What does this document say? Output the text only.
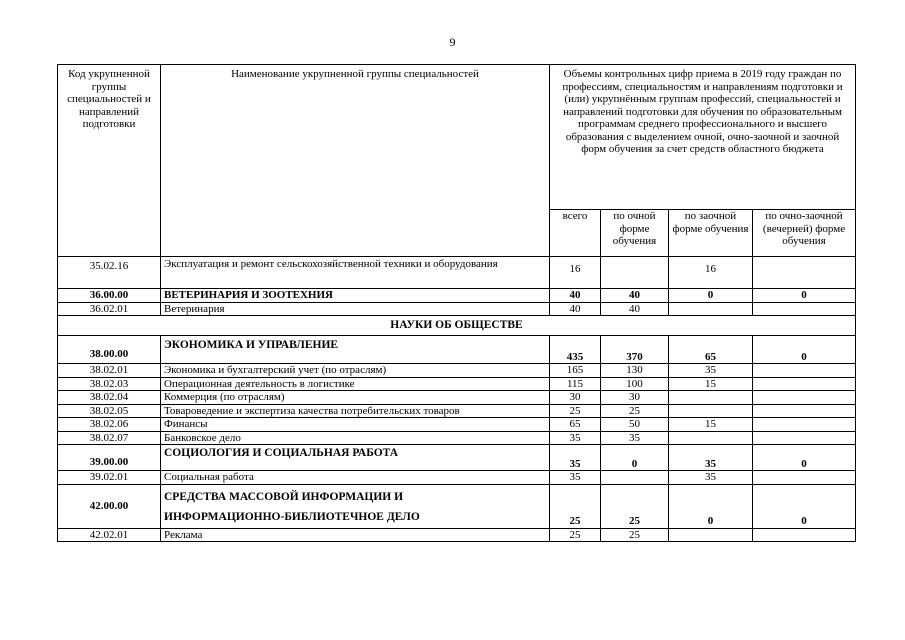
9
Код укрупненной группы специальностей и направлений подготовки	Наименование укрупненной группы специальностей	Объемы контрольных цифр приема в 2019 году граждан по профессиям, специальностям и направлениям подготовки и (или) укрупнённым группам профессий, специальностей и направлений подготовки для обучения по образовательным программам среднего профессионального и высшего образования с выделением очной, очно-заочной и заочной форм обучения за счет средств областного бюджета			
		всего	по очной форме обучения	по заочной форме обучения	по очно-заочной (вечерней) форме обучения
35.02.16	Эксплуатация и ремонт сельскохозяйственной техники и оборудования	16		16	
36.00.00	ВЕТЕРИНАРИЯ И ЗООТЕХНИЯ	40	40	0	0
36.02.01	Ветеринария	40	40		
НАУКИ ОБ ОБЩЕСТВЕ					
38.00.00	ЭКОНОМИКА И УПРАВЛЕНИЕ	435	370	65	0
38.02.01	Экономика и бухгалтерский учет (по отраслям)	165	130	35	
38.02.03	Операционная деятельность в логистике	115	100	15	
38.02.04	Коммерция (по отраслям)	30	30		
38.02.05	Товароведение и экспертиза качества потребительских товаров	25	25		
38.02.06	Финансы	65	50	15	
38.02.07	Банковское дело	35	35		
39.00.00	СОЦИОЛОГИЯ И СОЦИАЛЬНАЯ РАБОТА	35	0	35	0
39.02.01	Социальная работа	35		35	
42.00.00	СРЕДСТВА МАССОВОЙ ИНФОРМАЦИИ И
ИНФОРМАЦИОННО-БИБЛИОТЕЧНОЕ ДЕЛО	25	25	0	0
42.02.01	Реклама	25	25		
